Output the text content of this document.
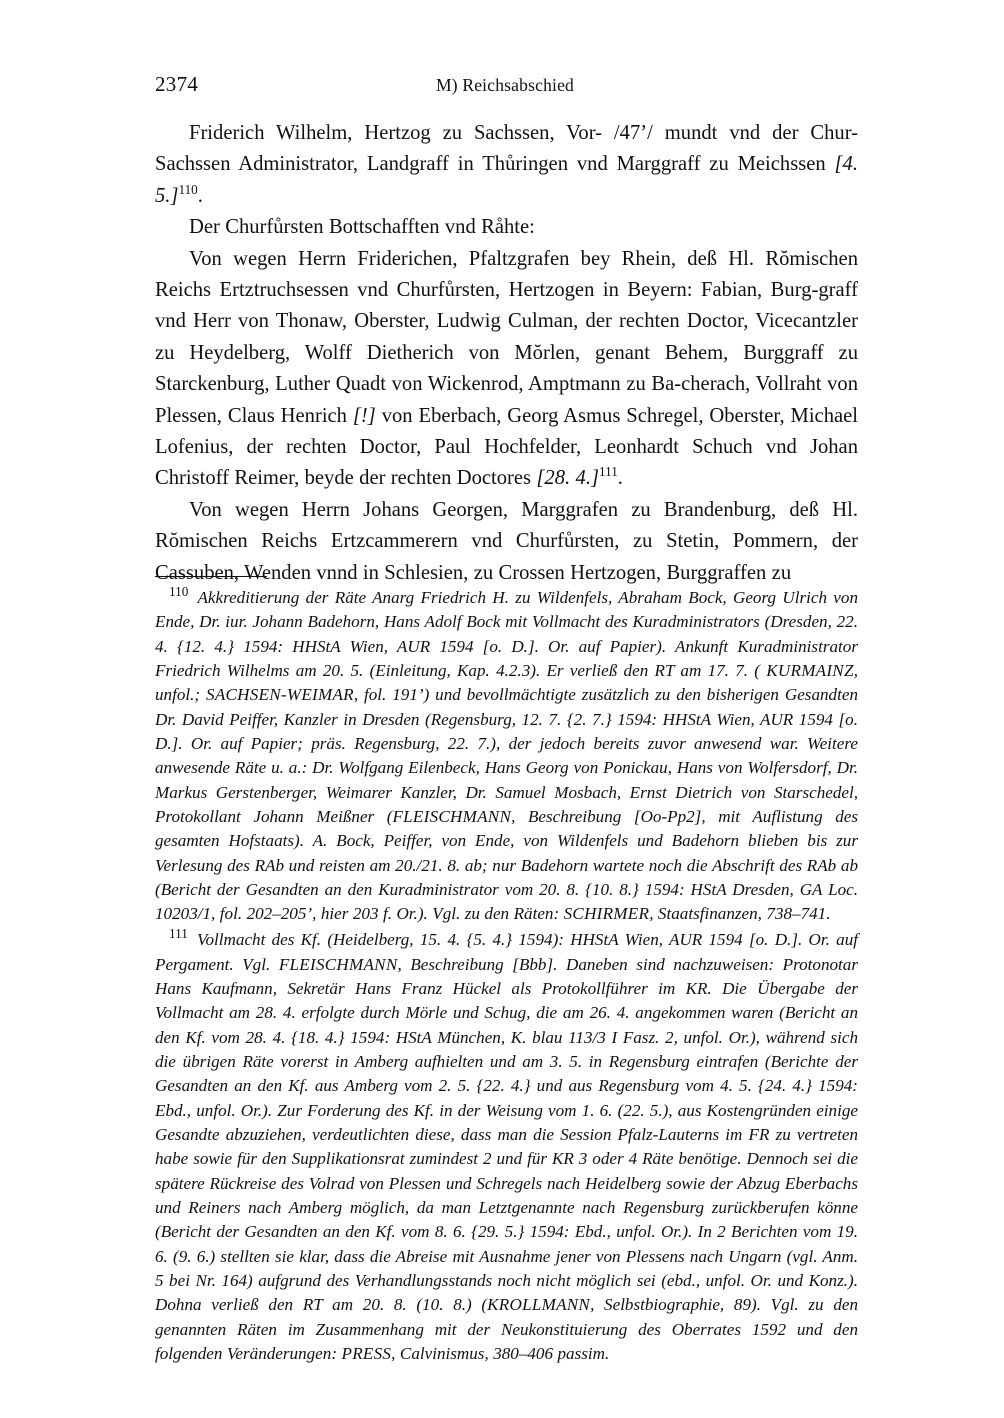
2374	M) Reichsabschied

Friderich Wilhelm, Hertzog zu Sachssen, Vor- /47’/ mundt vnd der Chur-Sachssen Administrator, Landgraff in Thůringen vnd Marggraff zu Meichssen [4. 5.]$^{110}$.

Der Churfůrsten Bottschafften vnd Råhte:

Von wegen Herrn Friderichen, Pfaltzgrafen bey Rhein, deß Hl. Rŏmischen Reichs Ertztruchsessen vnd Churfůrsten, Hertzogen in Beyern: Fabian, Burg-graff vnd Herr von Thonaw, Oberster, Ludwig Culman, der rechten Doctor, Vicecantzler zu Heydelberg, Wolff Dietherich von Mŏrlen, genant Behem, Burggraff zu Starckenburg, Luther Quadt von Wickenrod, Amptmann zu Ba-cherach, Vollraht von Plessen, Claus Henrich [!] von Eberbach, Georg Asmus Schregel, Oberster, Michael Lofenius, der rechten Doctor, Paul Hochfelder, Leonhardt Schuch vnd Johan Christoff Reimer, beyde der rechten Doctores [28. 4.]$^{111}$.

Von wegen Herrn Johans Georgen, Marggrafen zu Brandenburg, deß Hl. Rŏmischen Reichs Ertzcammerern vnd Churfůrsten, zu Stetin, Pommern, der Cassuben, Wenden vnnd in Schlesien, zu Crossen Hertzogen, Burggraffen zu

$^{110}$ Akkreditierung der Räte Anarg Friedrich H. zu Wildenfels, Abraham Bock, Georg Ulrich von Ende, Dr. iur. Johann Badehorn, Hans Adolf Bock mit Vollmacht des Kuradministrators (Dresden, 22. 4. {12. 4.} 1594: HHStA Wien, AUR 1594 [o. D.]. Or. auf Papier). Ankunft Kuradministrator Friedrich Wilhelms am 20. 5. (Einleitung, Kap. 4.2.3). Er verließ den RT am 17. 7. ( KURMAINZ, unfol.; SACHSEN-WEIMAR, fol. 191’) und bevollmächtigte zusätzlich zu den bisherigen Gesandten Dr. David Peiffer, Kanzler in Dresden (Regensburg, 12. 7. {2. 7.} 1594: HHStA Wien, AUR 1594 [o. D.]. Or. auf Papier; präs. Regensburg, 22. 7.), der jedoch bereits zuvor anwesend war. Weitere anwesende Räte u. a.: Dr. Wolfgang Eilenbeck, Hans Georg von Ponickau, Hans von Wolfersdorf, Dr. Markus Gerstenberger, Weimarer Kanzler, Dr. Samuel Mosbach, Ernst Dietrich von Starschedel, Protokollant Johann Meißner (FLEISCHMANN, Beschreibung [Oo-Pp2], mit Auflistung des gesamten Hofstaats). A. Bock, Peiffer, von Ende, von Wildenfels und Badehorn blieben bis zur Verlesung des RAb und reisten am 20./21. 8. ab; nur Badehorn wartete noch die Abschrift des RAb ab (Bericht der Gesandten an den Kuradministrator vom 20. 8. {10. 8.} 1594: HStA Dresden, GA Loc. 10203/1, fol. 202–205’, hier 203 f. Or.). Vgl. zu den Räten: SCHIRMER, Staatsfinanzen, 738–741.

$^{111}$ Vollmacht des Kf. (Heidelberg, 15. 4. {5. 4.} 1594): HHStA Wien, AUR 1594 [o. D.]. Or. auf Pergament. Vgl. FLEISCHMANN, Beschreibung [Bbb]. Daneben sind nachzuweisen: Protonotar Hans Kaufmann, Sekretär Hans Franz Hückel als Protokollführer im KR. Die Übergabe der Vollmacht am 28. 4. erfolgte durch Mörle und Schug, die am 26. 4. angekommen waren (Bericht an den Kf. vom 28. 4. {18. 4.} 1594: HStA München, K. blau 113/3 I Fasz. 2, unfol. Or.), während sich die übrigen Räte vorerst in Amberg aufhielten und am 3. 5. in Regensburg eintrafen (Berichte der Gesandten an den Kf. aus Amberg vom 2. 5. {22. 4.} und aus Regensburg vom 4. 5. {24. 4.} 1594: Ebd., unfol. Or.). Zur Forderung des Kf. in der Weisung vom 1. 6. (22. 5.), aus Kostengründen einige Gesandte abzuziehen, verdeutlichten diese, dass man die Session Pfalz-Lauterns im FR zu vertreten habe sowie für den Supplikationsrat zumindest 2 und für KR 3 oder 4 Räte benötige. Dennoch sei die spätere Rückreise des Volrad von Plessen und Schregels nach Heidelberg sowie der Abzug Eberbachs und Reiners nach Amberg möglich, da man Letztgenannte nach Regensburg zurückberufen könne (Bericht der Gesandten an den Kf. vom 8. 6. {29. 5.} 1594: Ebd., unfol. Or.). In 2 Berichten vom 19. 6. (9. 6.) stellten sie klar, dass die Abreise mit Ausnahme jener von Plessens nach Ungarn (vgl. Anm. 5 bei Nr. 164) aufgrund des Verhandlungsstands noch nicht möglich sei (ebd., unfol. Or. und Konz.). Dohna verließ den RT am 20. 8. (10. 8.) (KROLLMANN, Selbstbiographie, 89). Vgl. zu den genannten Räten im Zusammenhang mit der Neukonstituierung des Oberrates 1592 und den folgenden Veränderungen: PRESS, Calvinismus, 380–406 passim.
